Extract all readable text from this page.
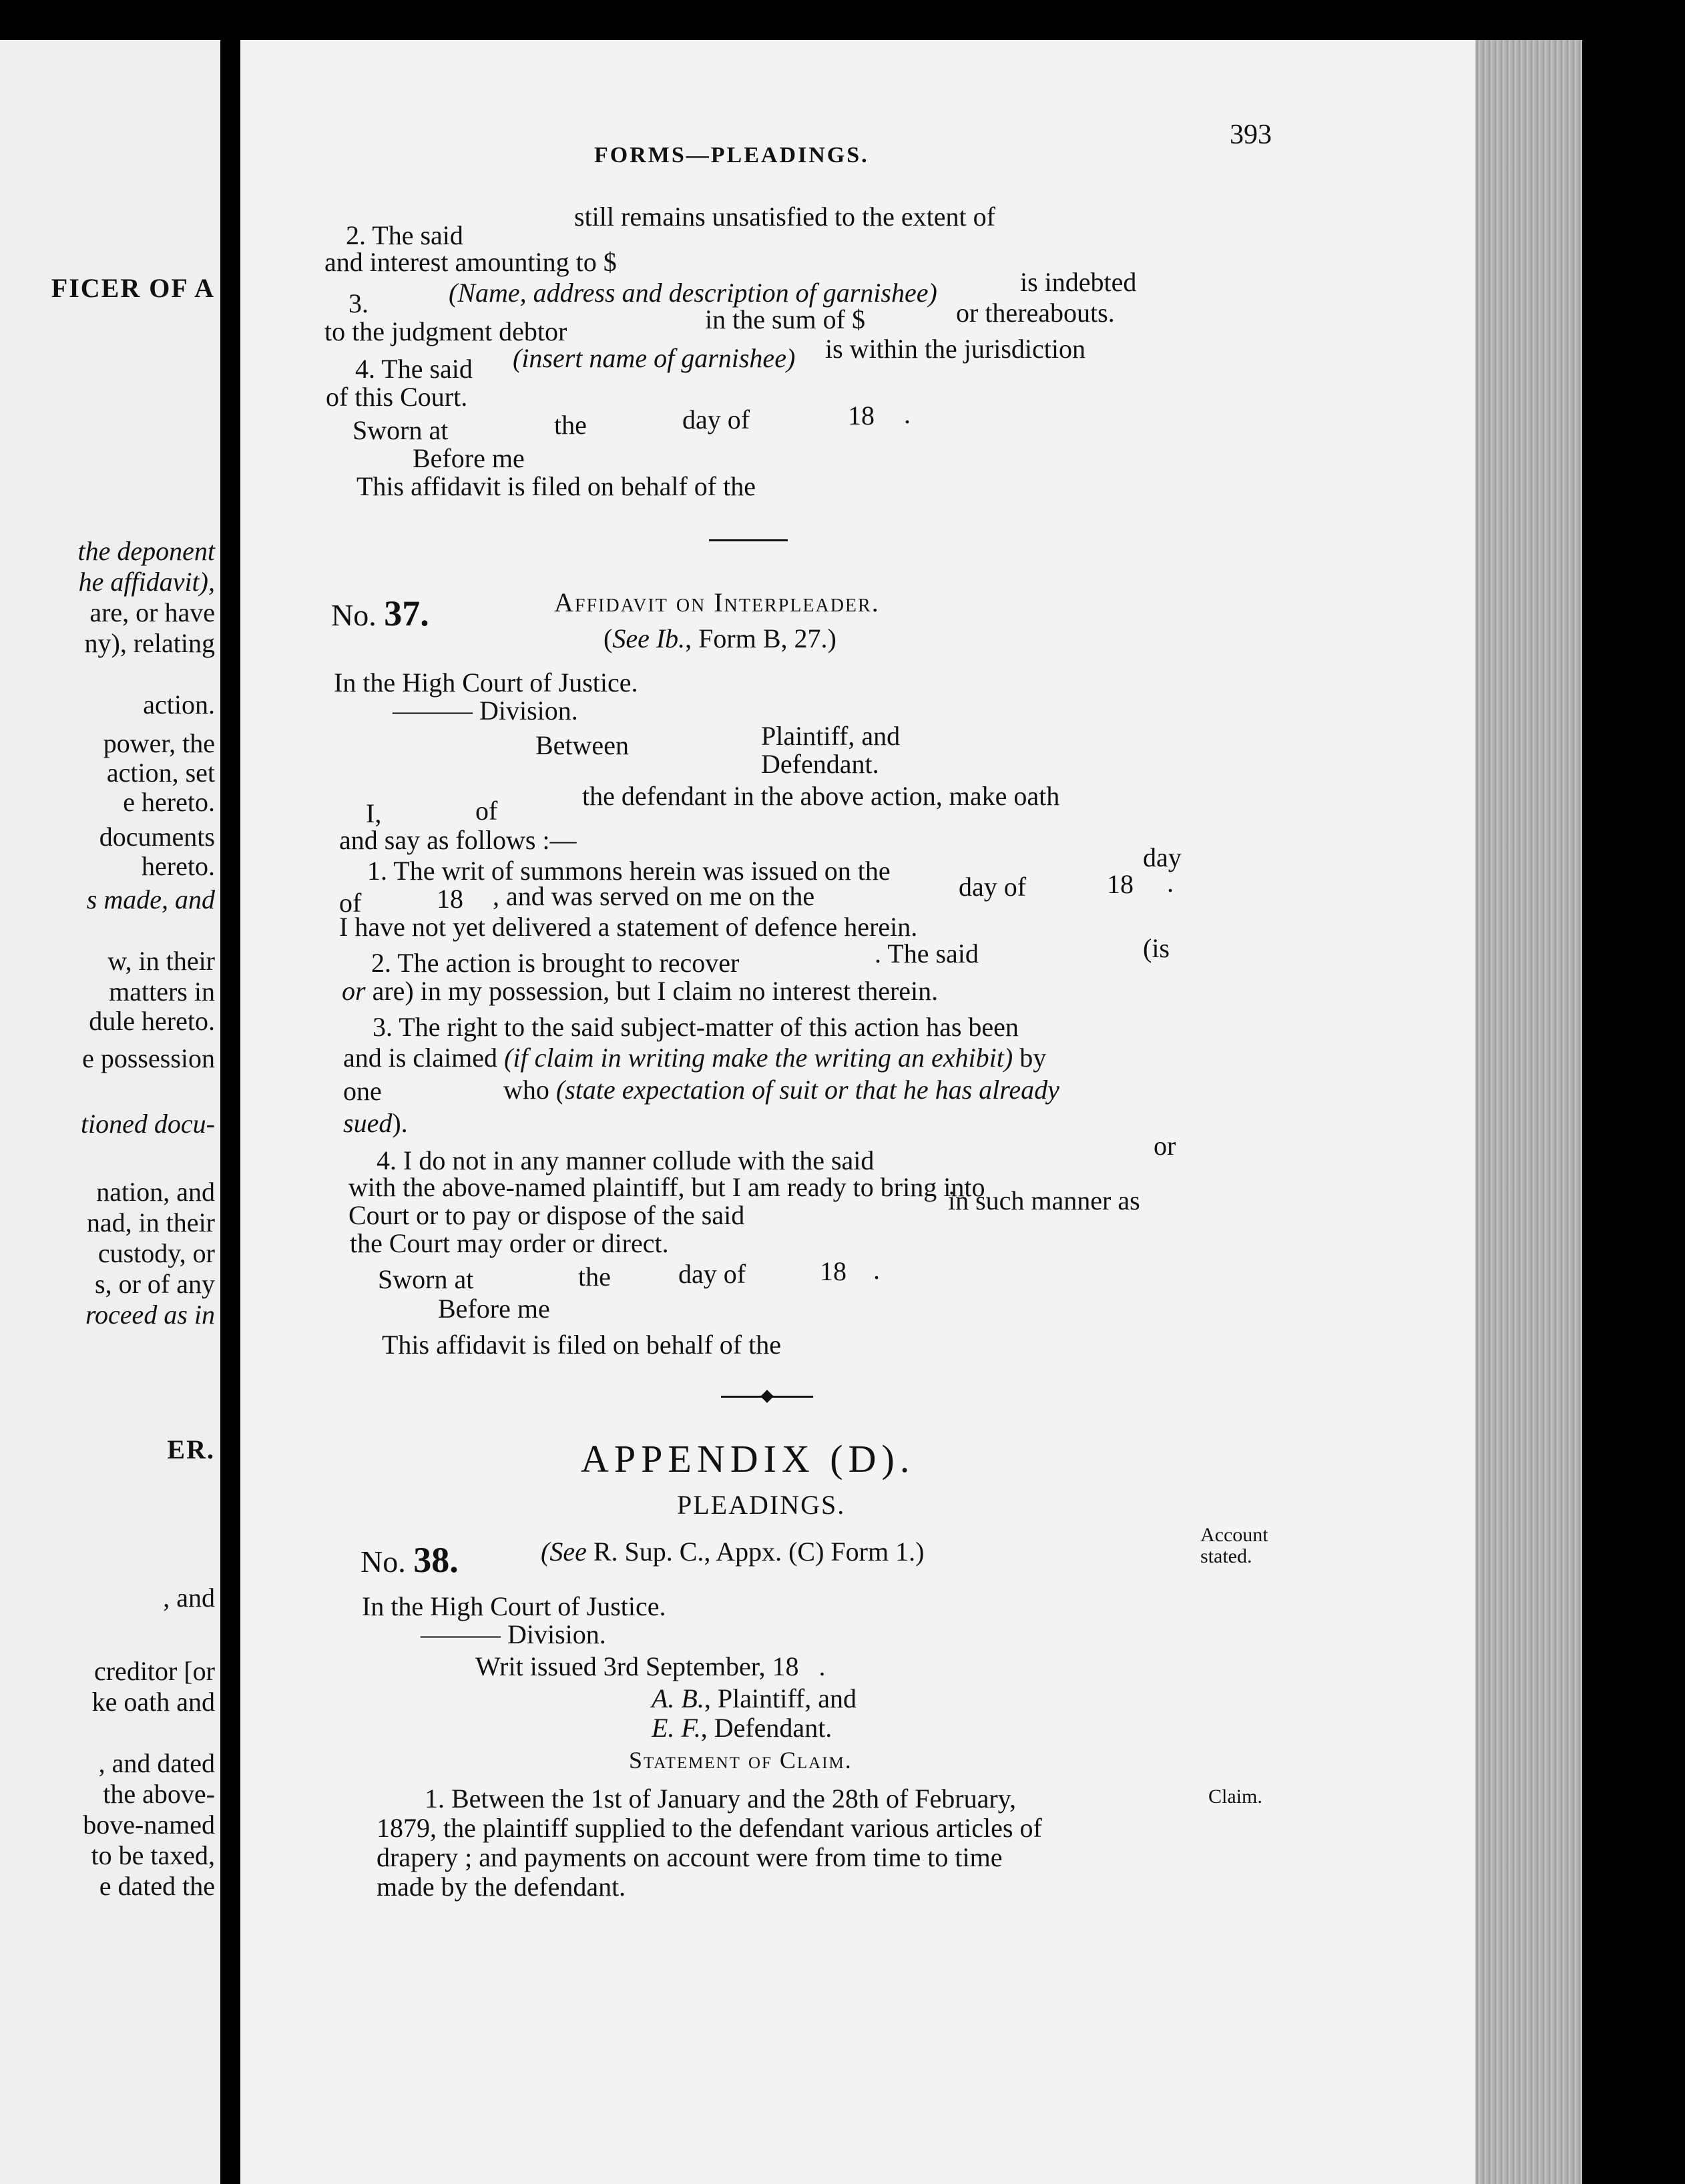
FICER OF A
the deponent
he affidavit),
are, or have
ny), relating
action.
power, the
action, set
e hereto.
documents
hereto.
s made, and
w, in their
matters in
dule hereto.
e possession
tioned docu-
nation, and
nad, in their
custody, or
s, or of any
roceed as in
ER.
, and
creditor [or
ke oath and
, and dated
the above-
bove-named
to be taxed,
e dated the
FORMS—PLEADINGS.
393
2. The said
still remains unsatisfied to the extent of
and interest amounting to $
3.	(Name, address and description of garnishee)	is indebted
to the judgment debtor	in the sum of $	or thereabouts.
4. The said (insert name of garnishee) is within the jurisdiction
of this Court.
Sworn at	the	day of	18 .
Before me
This affidavit is filed on behalf of the
No. 37.	Affidavit on Interpleader.
(See Ib., Form B, 27.)
In the High Court of Justice.
——— Division.
Between	Plaintiff, and
Defendant.
I,	of	the defendant in the above action, make oath
and say as follows :—
1. The writ of summons herein was issued on the	day
of	18 , and was served on me on the	day of	18 .
I have not yet delivered a statement of defence herein.
2. The action is brought to recover	. The said	(is
or are) in my possession, but I claim no interest therein.
3. The right to the said subject-matter of this action has been
and is claimed (if claim in writing make the writing an exhibit) by
one	who (state expectation of suit or that he has already
sued).
4. I do not in any manner collude with the said	or
with the above-named plaintiff, but I am ready to bring into
Court or to pay or dispose of the said	in such manner as
the Court may order or direct.
Sworn at	the	day of	18 .
Before me
This affidavit is filed on behalf of the
APPENDIX (D).
PLEADINGS.
No. 38.	(See R. Sup. C., Appx. (C) Form 1.)
Account
stated.
In the High Court of Justice.
——— Division.
Writ issued 3rd September, 18 .
A. B., Plaintiff, and
E. F., Defendant.
Statement of Claim.
Claim.
1. Between the 1st of January and the 28th of February,
1879, the plaintiff supplied to the defendant various articles of
drapery ; and payments on account were from time to time
made by the defendant.
